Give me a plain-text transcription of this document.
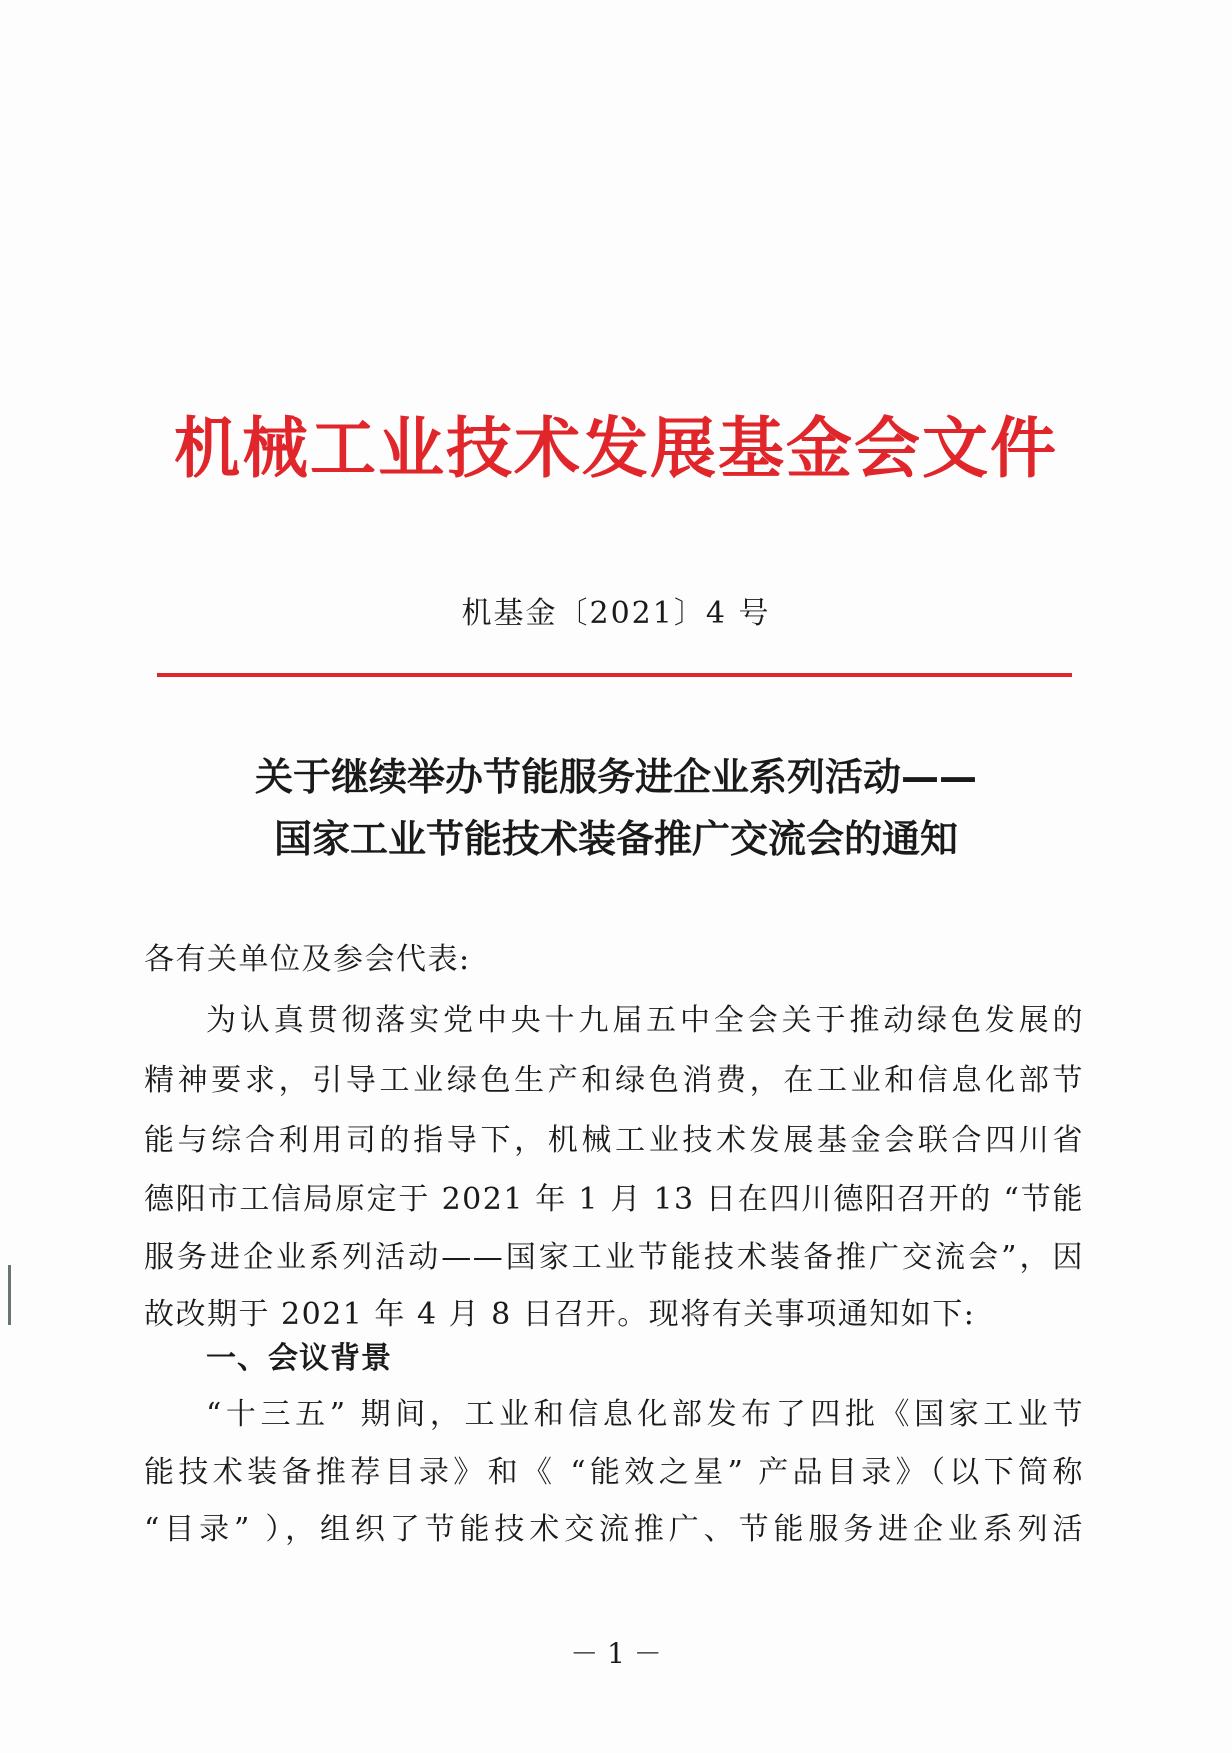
机械工业技术发展基金会文件
机基金〔2021〕4 号
关于继续举办节能服务进企业系列活动——
国家工业节能技术装备推广交流会的通知
各有关单位及参会代表:
为认真贯彻落实党中央十九届五中全会关于推动绿色发展的
精神要求，引导工业绿色生产和绿色消费，在工业和信息化部节
能与综合利用司的指导下，机械工业技术发展基金会联合四川省
德阳市工信局原定于 2021 年 1 月 13 日在四川德阳召开的 “节能
服务进企业系列活动——国家工业节能技术装备推广交流会”，因
故改期于 2021 年 4 月 8 日召开。现将有关事项通知如下:
一、会议背景
“十三五” 期间，工业和信息化部发布了四批《国家工业节
能技术装备推荐目录》和《 “能效之星” 产品目录》（以下简称
“目录” ），组织了节能技术交流推广、节能服务进企业系列活
－ 1 －
